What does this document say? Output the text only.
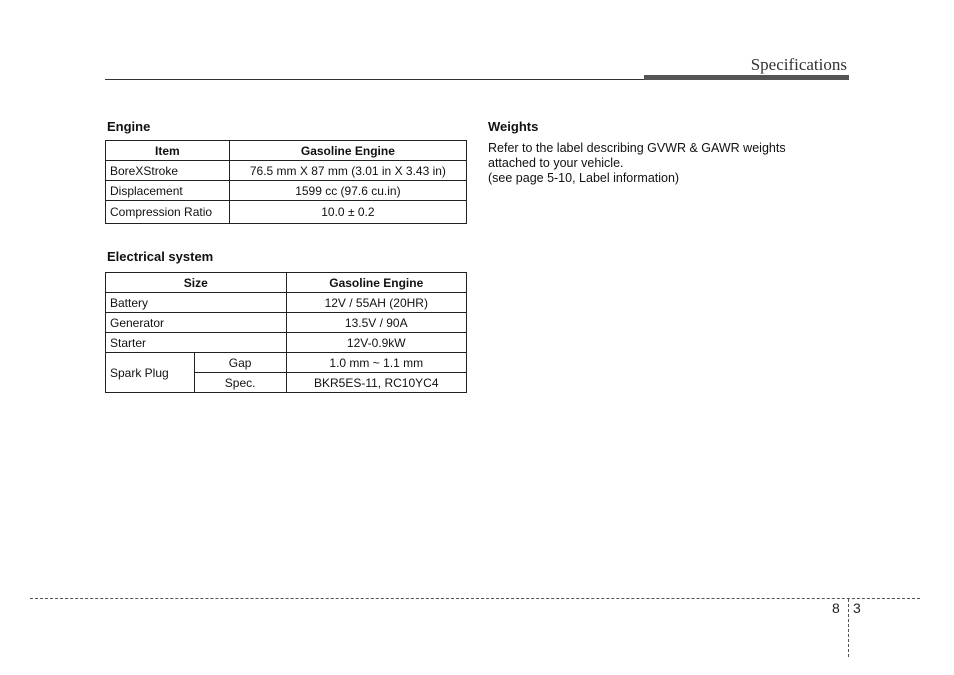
Specifications
Engine
Item	Gasoline Engine
BoreXStroke	76.5 mm X 87 mm (3.01 in X 3.43 in)
Displacement	1599 cc (97.6 cu.in)
Compression Ratio	10.0 ± 0.2
Electrical system
Size		Gasoline Engine
Battery		12V / 55AH (20HR)
Generator		13.5V / 90A
Starter		12V-0.9kW
Spark Plug	Gap	1.0 mm ~ 1.1 mm
	Spec.	BKR5ES-11, RC10YC4
Weights
Refer to the label describing GVWR & GAWR weights
attached to your vehicle.
(see page 5-10, Label information)
8 3
